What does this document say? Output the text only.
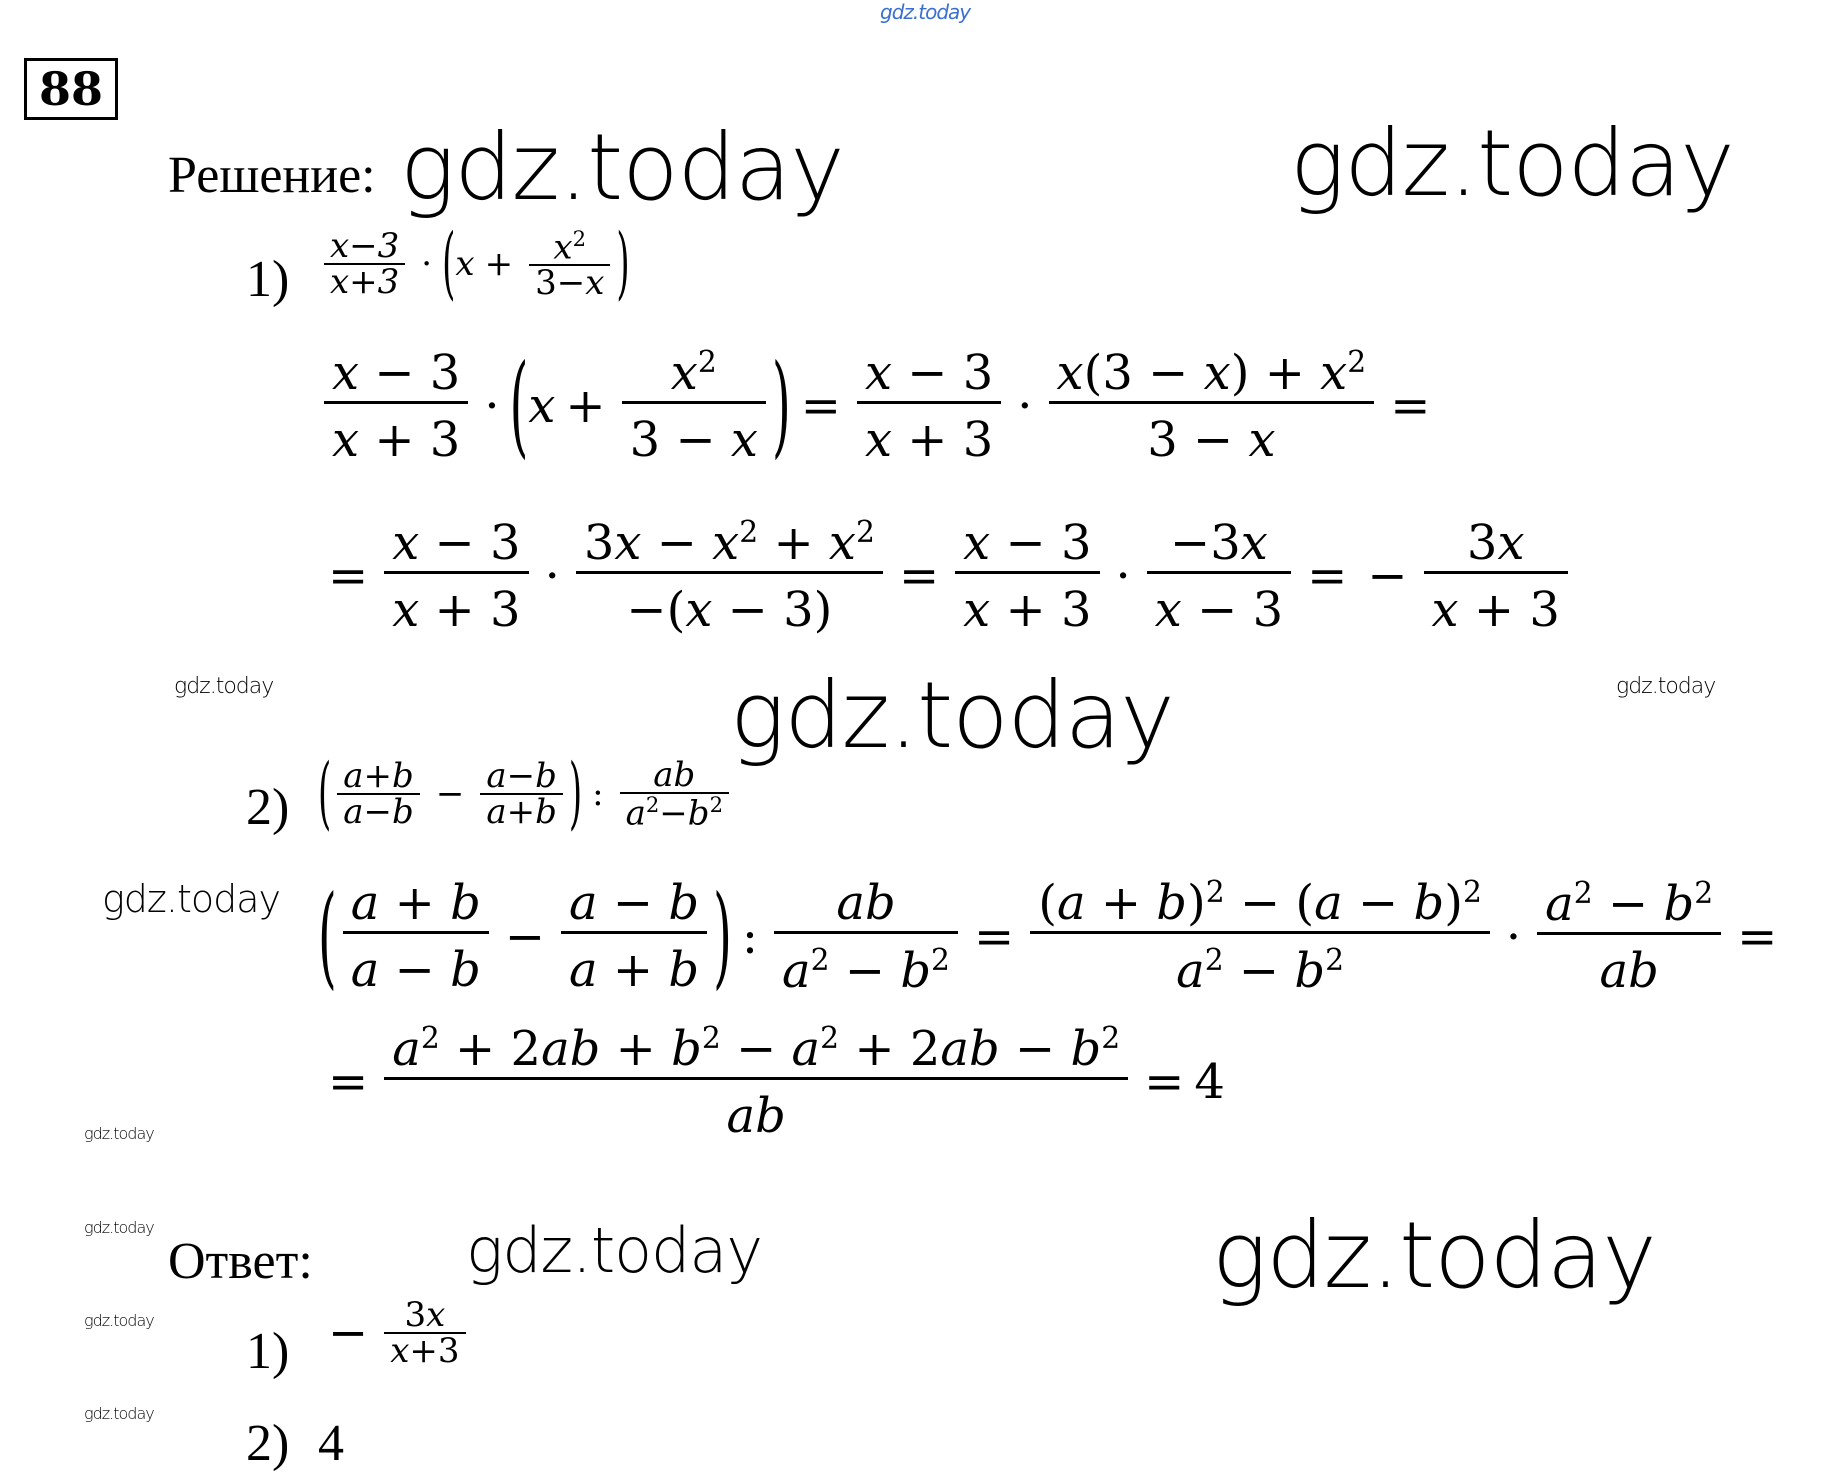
gdz.today
gdz.today	gdz.today
gdz.today	gdz.today
gdz.today
gdz.today
gdz.today
gdz.today
gdz.today
gdz.today
gdz.today	gdz.today
88
Решение:
$1) \frac{x-3}{x+3}$ · ( $x + \frac{x^2}{3-x}$ )
x − 3
x + 3
· ( x +
$x^2$
3 − x ) =
x − 3
x + 3
·
$x(3 - x) + x^2$
3 − x
=
=
x − 3
x + 3
·
$3x - x^2 + x^2$
−(x − 3)
=
x − 3
x + 3
·
−3x
x − 3
= −
3x
x + 3
2) ( $\frac{a+b}{a-b} - \frac{a-b}{a+b}$ ) : $\frac{ab}{a^2-b^2}$
( a + b
a − b
−
a − b
a + b ) :
ab
$a^2 - b^2$ =
$(a + b)^2 - (a - b)^2$
$a^2 - b^2$	·
$a^2 - b^2$
ab
=
=
$a^2 + 2ab + b^2 - a^2 + 2ab - b^2$
ab
= 4
Ответ:
$1) - \frac{3x}{x+3}$
2) 4
